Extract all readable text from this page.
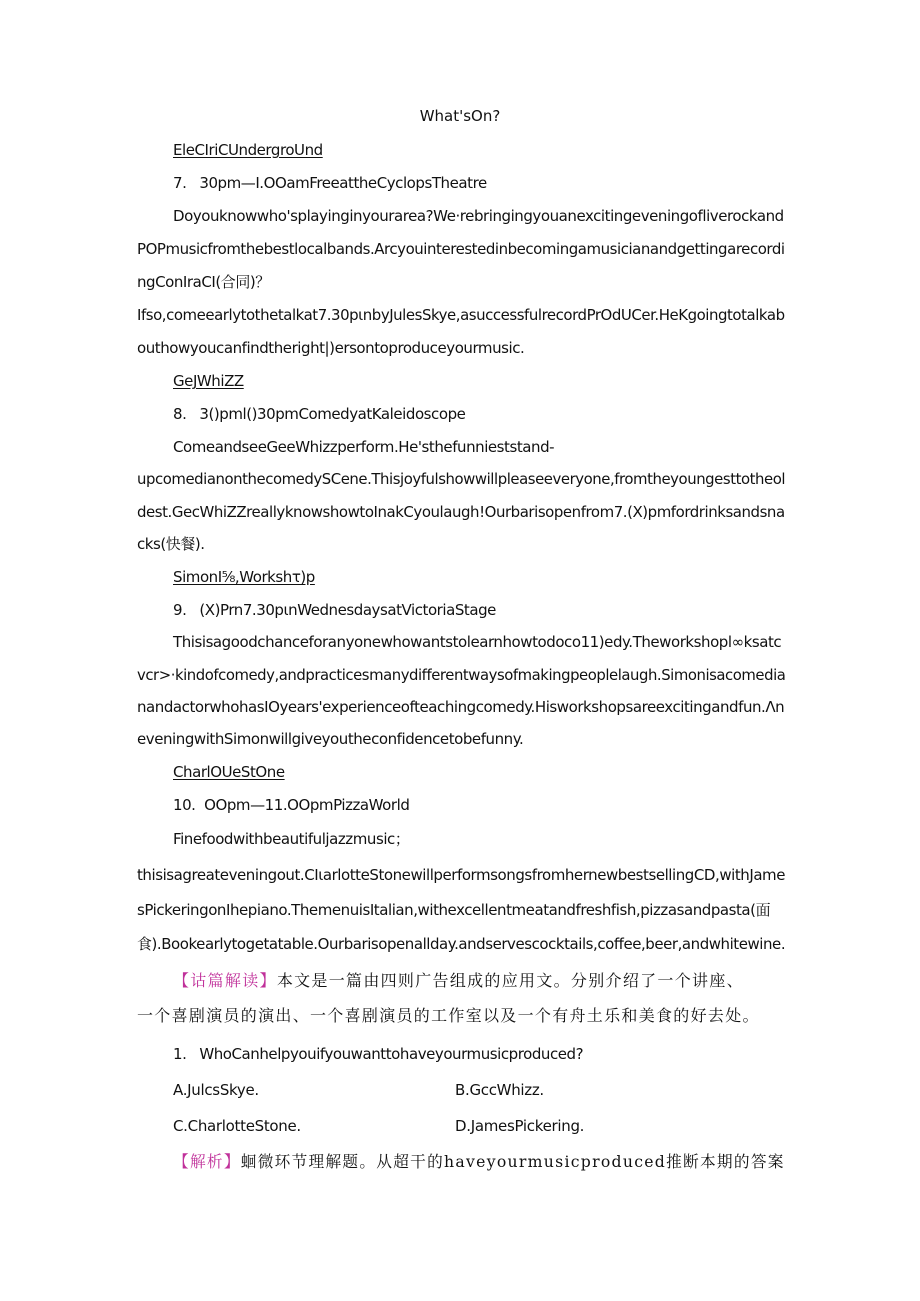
What'sOn?
EleCIriCUndergroUnd
7.   30pm—I.OOamFreeattheCyclopsTheatre
Doyouknowwho'splayinginyourarea?We·rebringingyouanexcitingeveningofliverockand
POPmusicfromthebestlocalbands.Arcyouinterestedinbecomingamusicianandgettingarecordi
ngConIraCI(合同)？
Ifso,comeearlytothetalkat7.30pιnbyJulesSkye,asuccessfulrecordPrOdUCer.HeKgoingtotalkab
outhowyoucanfindtheright|)ersontoproduceyourmusic.
GeJWhiZZ
8.   3()pml()30pmComedyatKaleidoscope
ComeandseeGeeWhizzperform.He'sthefunnieststand-
upcomedianonthecomedySCene.Thisjoyfulshowwillpleaseeveryone,fromtheyoungesttotheol
dest.GecWhiZZreallyknowshowtoInakCyoulaugh!Ourbarisopenfrom7.(X)pmfordrinksandsna
cks(快餐).
SimonI⁵⁄₈,Workshτ)p
9.   (X)Prn7.30pιnWednesdaysatVictoriaStage
Thisisagoodchanceforanyonewhowantstolearnhowtodoco11)edy.Theworkshopl∞ksatc
vcr>·kindofcomedy,andpracticesmanydifferentwaysofmakingpeoplelaugh.Simonisacomedia
nandactorwhohasIOyears'experienceofteachingcomedy.Hisworkshopsareexcitingandfun.Λn
eveningwithSimonwillgiveyoutheconfidencetobefunny.
CharlOUeStOne
10.  OOpm—11.OOpmPizzaWorld
Finefoodwithbeautifuljazzmusic；
thisisagreateveningout.CIιarlotteStonewillperformsongsfromhernewbestsellingCD,withJame
sPickeringonIhepiano.ThemenuisItalian,withexcellentmeatandfreshfish,pizzasandpasta(面
食).Bookearlytogetatable.Ourbarisopenallday.andservescocktails,coffee,beer,andwhitewine.
【诂篇解读】本文是一篇由四则广告组成的应用文。分别介绍了一个讲座、
一个喜剧演员的演出、一个喜剧演员的工作室以及一个有舟土乐和美食的好去处。
1.   WhoCanhelpyouifyouwanttohaveyourmusicproduced?
A.JulcsSkye.	B.GccWhizz.
C.CharlotteStone.	D.JamesPickering.
【解析】蛔微环节理解题。从超干的haveyourmusicproduced推断本期的答案
